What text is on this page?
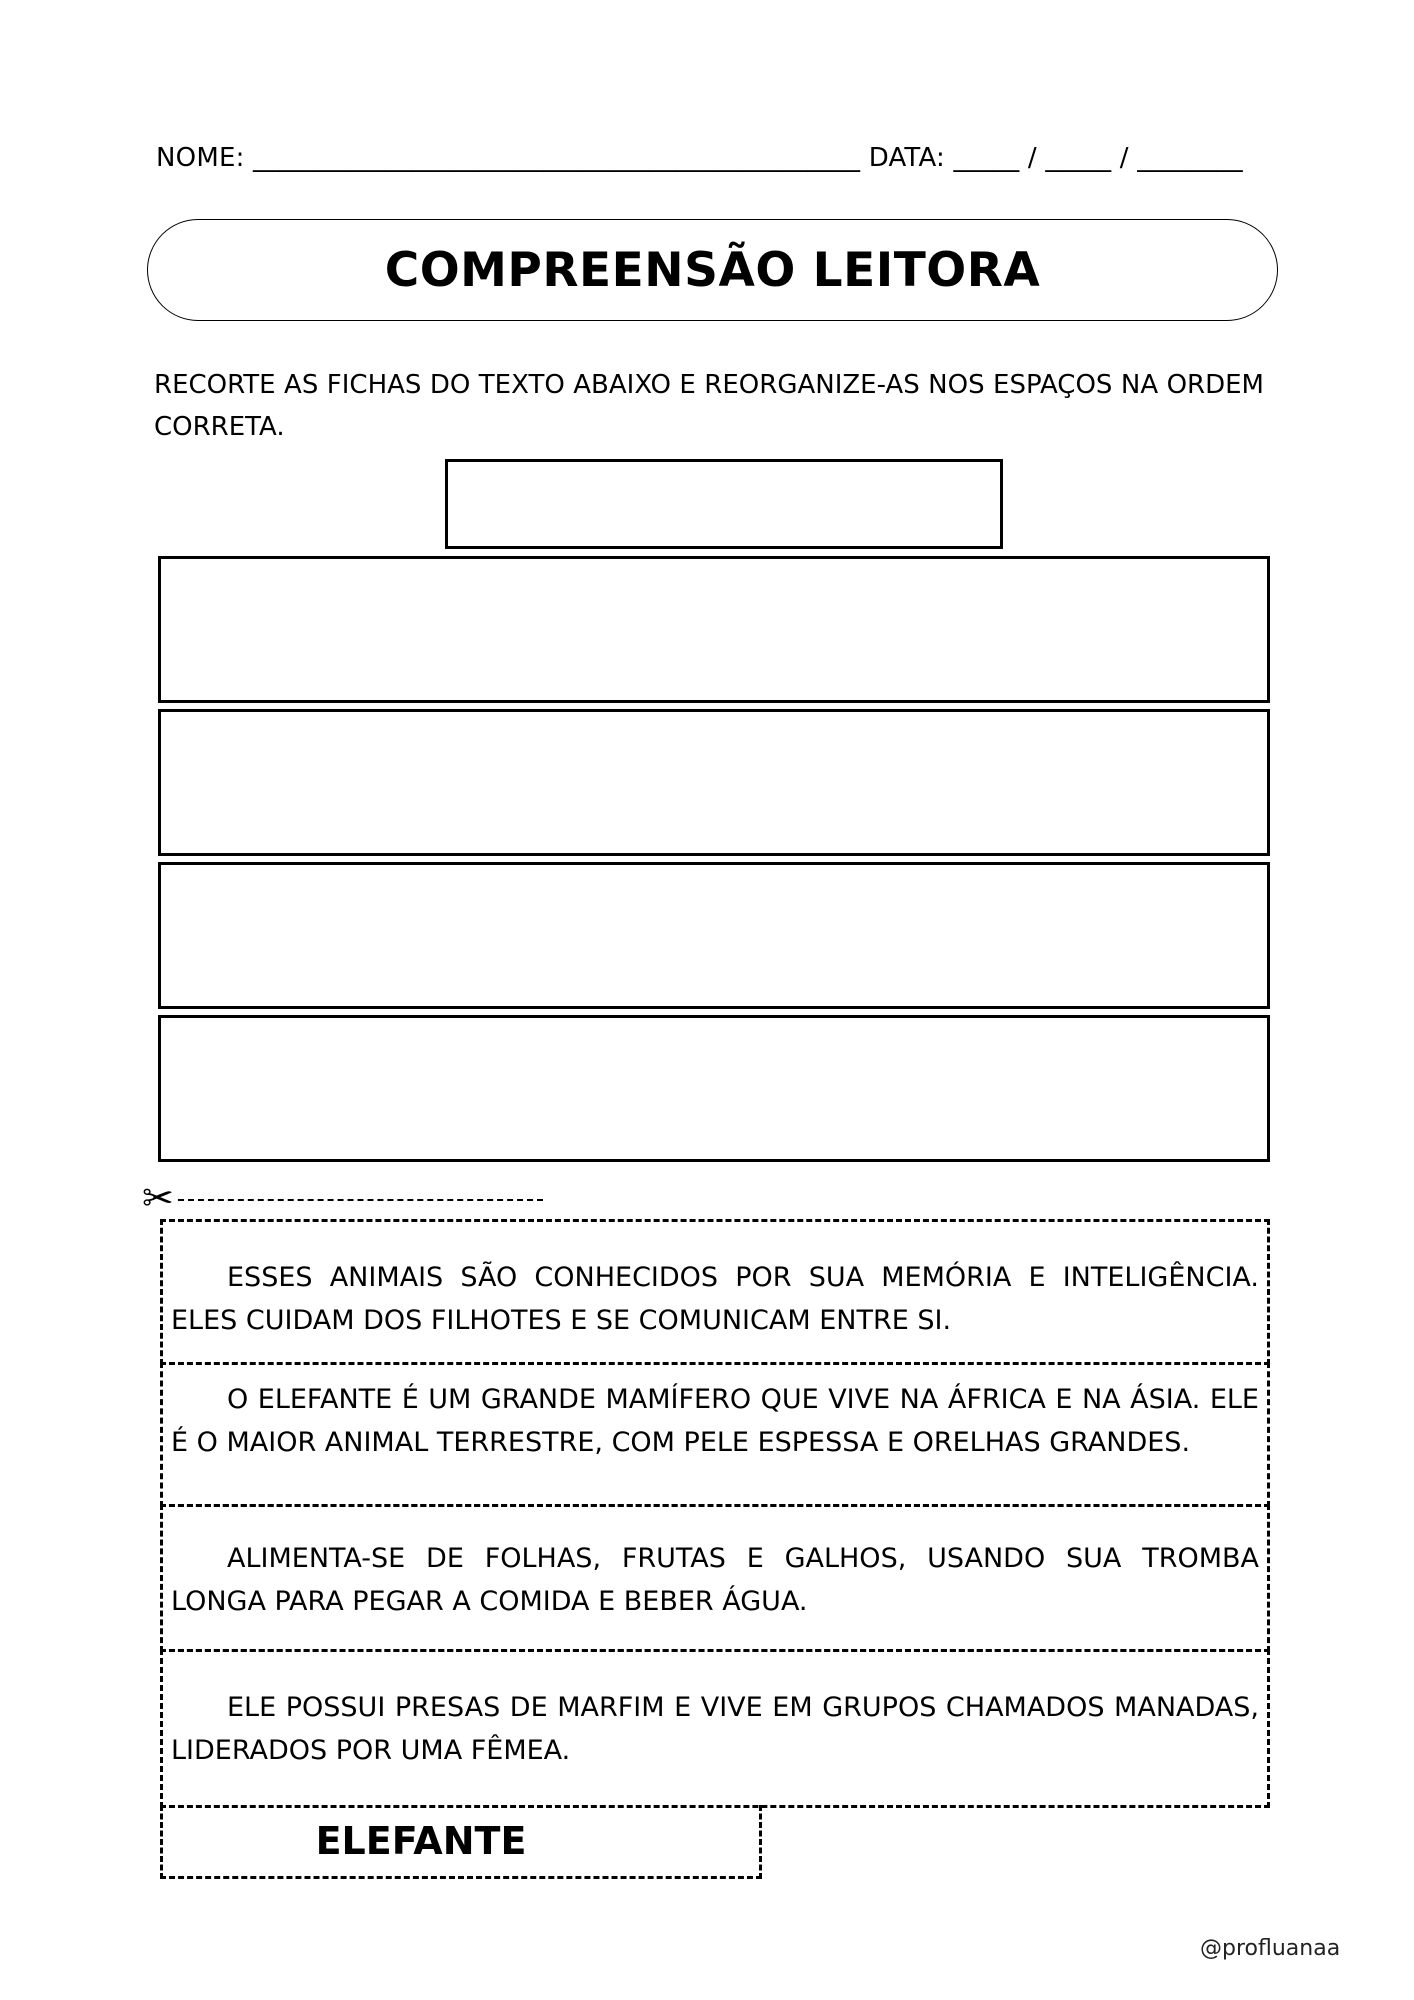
NOME: ______________________________________________ DATA: _____ / _____ / ________
COMPREENSÃO LEITORA
RECORTE AS FICHAS DO TEXTO ABAIXO E REORGANIZE-AS NOS ESPAÇOS NA ORDEM CORRETA.
✂

ESSES ANIMAIS SÃO CONHECIDOS POR SUA MEMÓRIA E INTELIGÊNCIA. ELES CUIDAM DOS FILHOTES E SE COMUNICAM ENTRE SI.

O ELEFANTE É UM GRANDE MAMÍFERO QUE VIVE NA ÁFRICA E NA ÁSIA. ELE É O MAIOR ANIMAL TERRESTRE, COM PELE ESPESSA E ORELHAS GRANDES.

ALIMENTA-SE DE FOLHAS, FRUTAS E GALHOS, USANDO SUA TROMBA LONGA PARA PEGAR A COMIDA E BEBER ÁGUA.

ELE POSSUI PRESAS DE MARFIM E VIVE EM GRUPOS CHAMADOS MANADAS, LIDERADOS POR UMA FÊMEA.

ELEFANTE
@profluanaa
